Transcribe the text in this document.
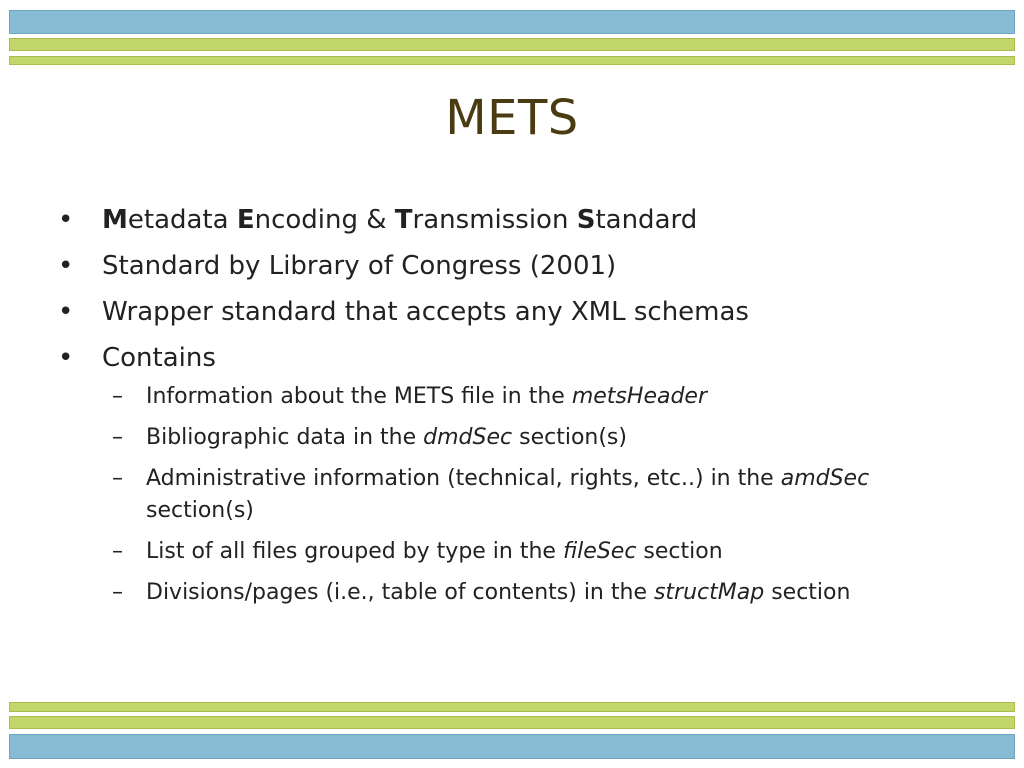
METS
•	Metadata Encoding & Transmission Standard
•	Standard by Library of Congress (2001)
•	Wrapper standard that accepts any XML schemas
•	Contains
–	Information about the METS file in the metsHeader
–	Bibliographic data in the dmdSec section(s)
–	Administrative information (technical, rights, etc..) in the amdSec section(s)
–	List of all files grouped by type in the fileSec section
–	Divisions/pages (i.e., table of contents) in the structMap section
